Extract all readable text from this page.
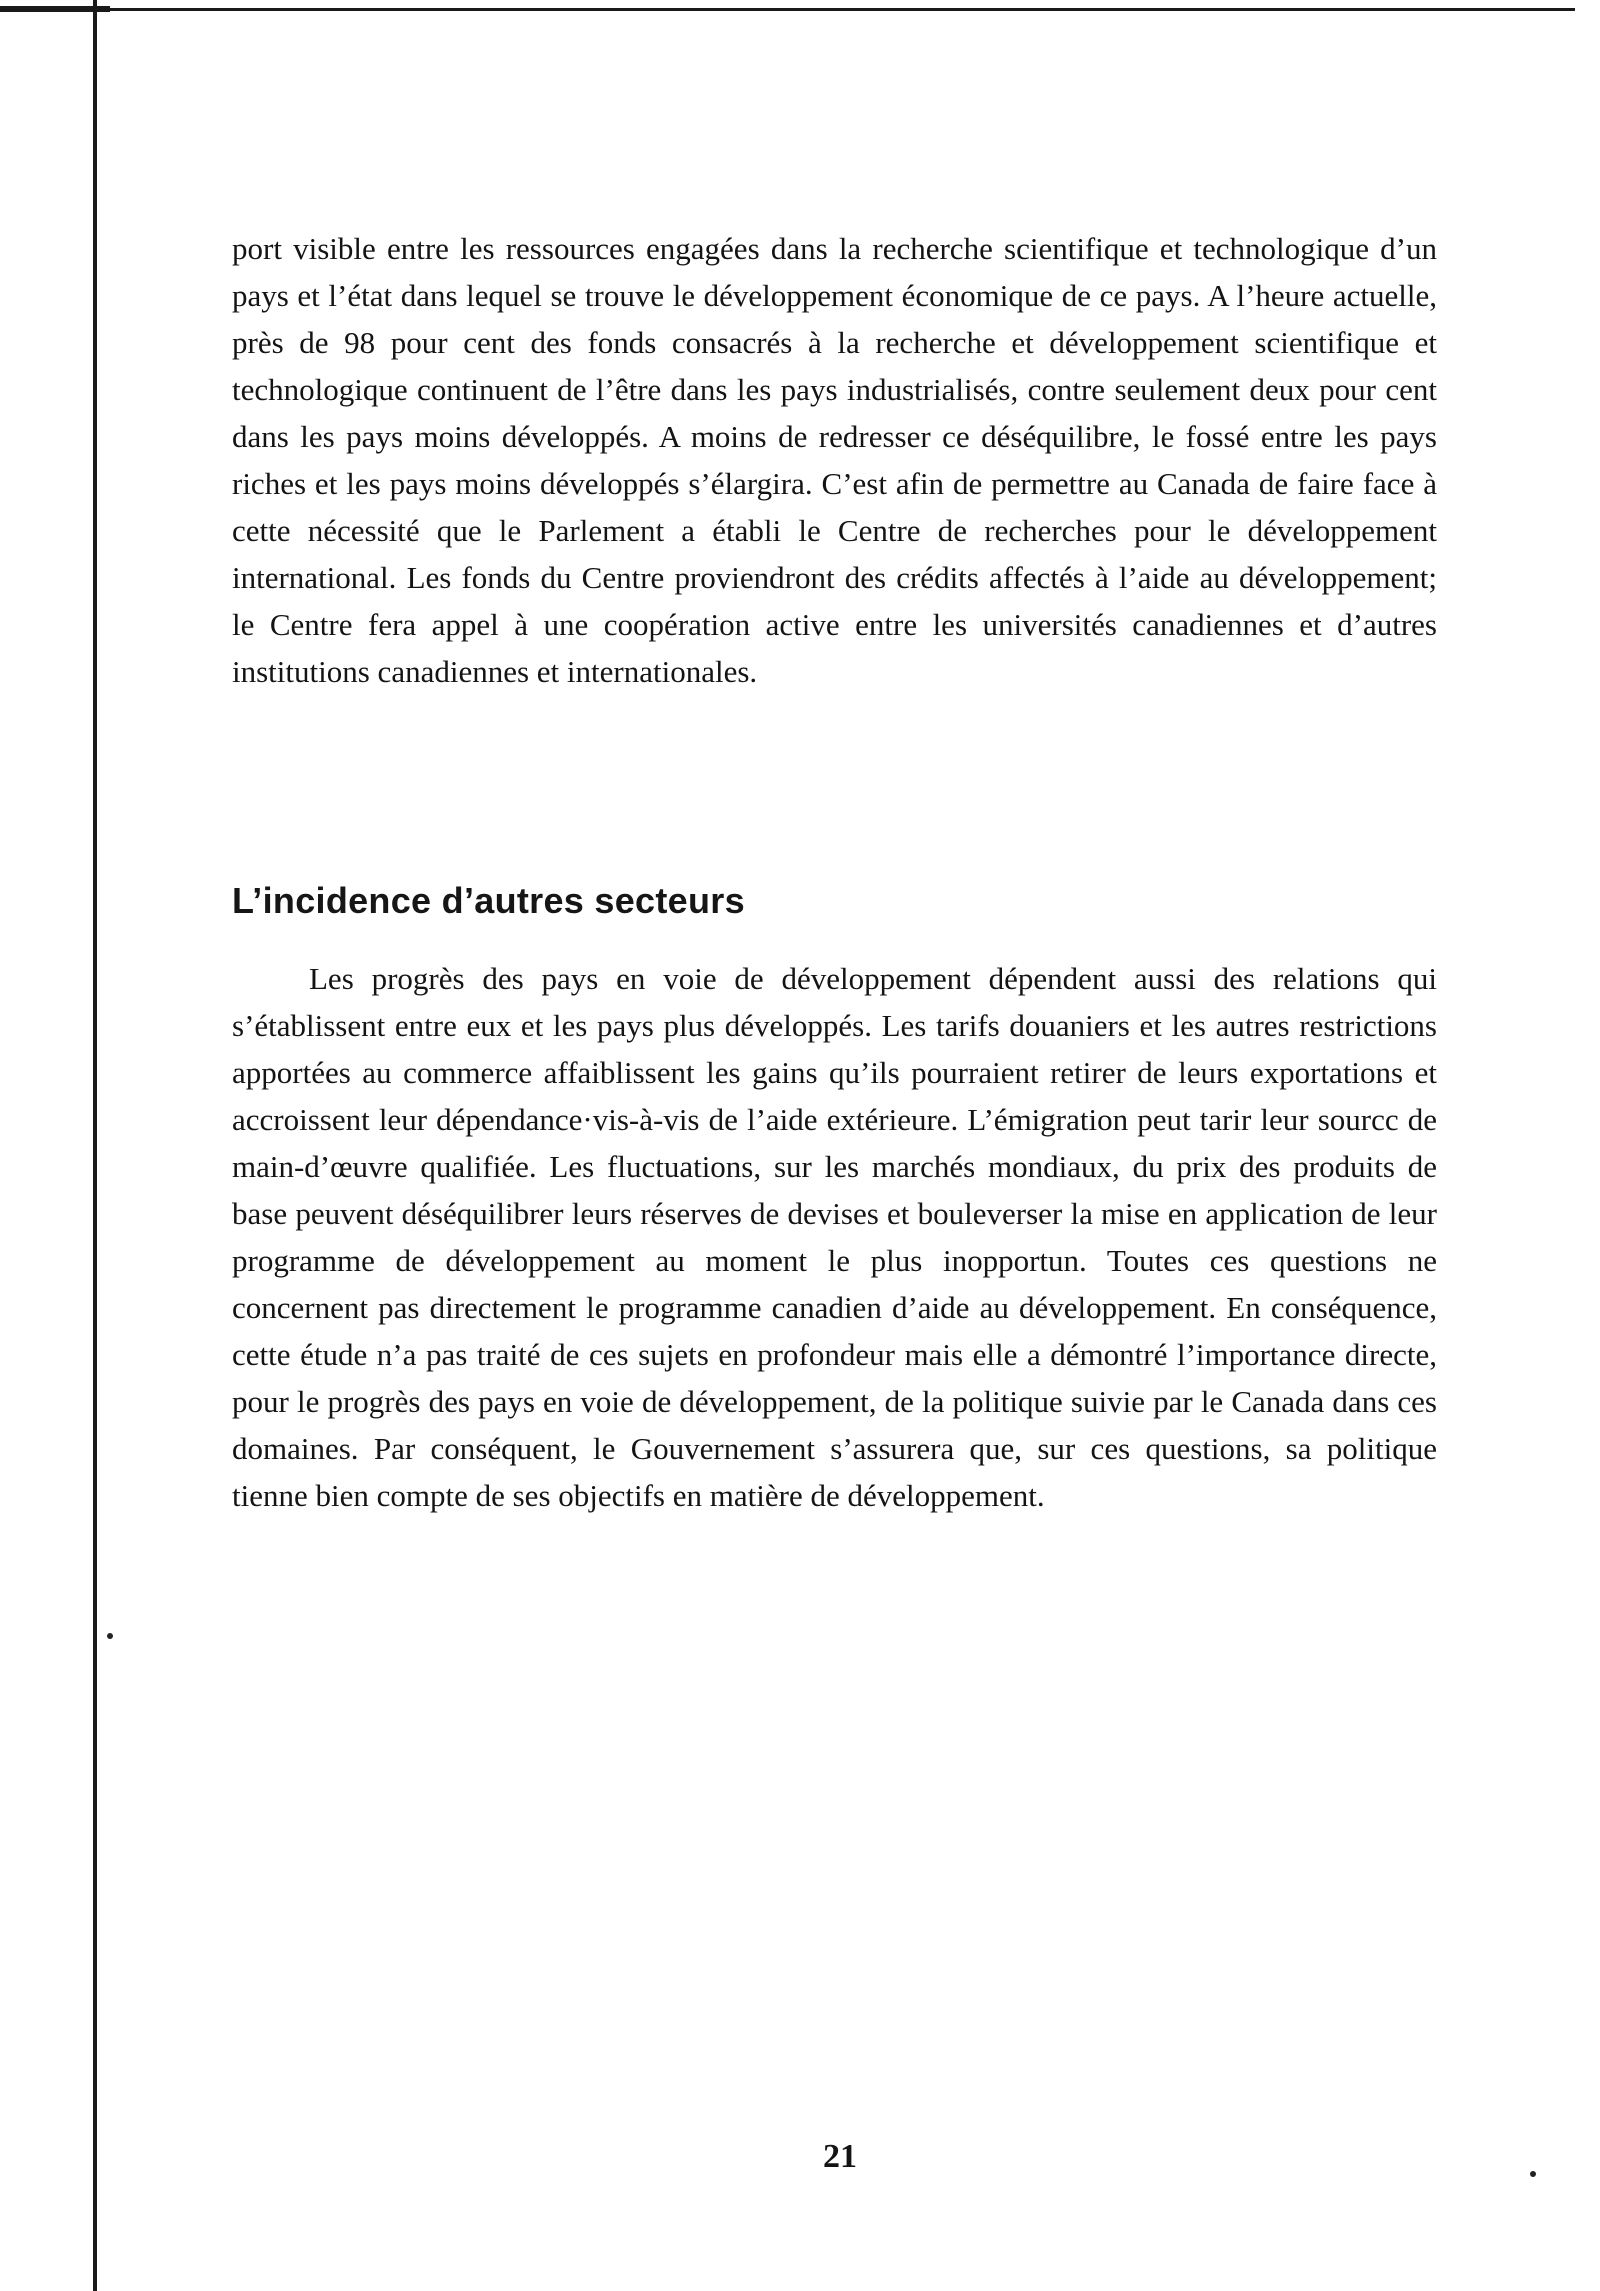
port visible entre les ressources engagées dans la recherche scientifique et technologique d’un pays et l’état dans lequel se trouve le développement économique de ce pays. A l’heure actuelle, près de 98 pour cent des fonds consacrés à la recherche et développement scientifique et technologique continuent de l’être dans les pays industrialisés, contre seulement deux pour cent dans les pays moins développés. A moins de redresser ce déséquilibre, le fossé entre les pays riches et les pays moins développés s’élargira. C’est afin de permettre au Canada de faire face à cette nécessité que le Parlement a établi le Centre de recherches pour le développement international. Les fonds du Centre proviendront des crédits affectés à l’aide au développement; le Centre fera appel à une coopération active entre les universités canadiennes et d’autres institutions canadiennes et internationales.

L’incidence d’autres secteurs

Les progrès des pays en voie de développement dépendent aussi des relations qui s’établissent entre eux et les pays plus développés. Les tarifs douaniers et les autres restrictions apportées au commerce affaiblissent les gains qu’ils pourraient retirer de leurs exportations et accroissent leur dépendance·vis-à-vis de l’aide extérieure. L’émigration peut tarir leur sourcc de main-d’œuvre qualifiée. Les fluctuations, sur les marchés mondiaux, du prix des produits de base peuvent déséquilibrer leurs réserves de devises et bouleverser la mise en application de leur programme de développement au moment le plus inopportun. Toutes ces questions ne concernent pas directement le programme canadien d’aide au développement. En conséquence, cette étude n’a pas traité de ces sujets en profondeur mais elle a démontré l’importance directe, pour le progrès des pays en voie de développement, de la politique suivie par le Canada dans ces domaines. Par conséquent, le Gouvernement s’assurera que, sur ces questions, sa politique tienne bien compte de ses objectifs en matière de développement.

21
